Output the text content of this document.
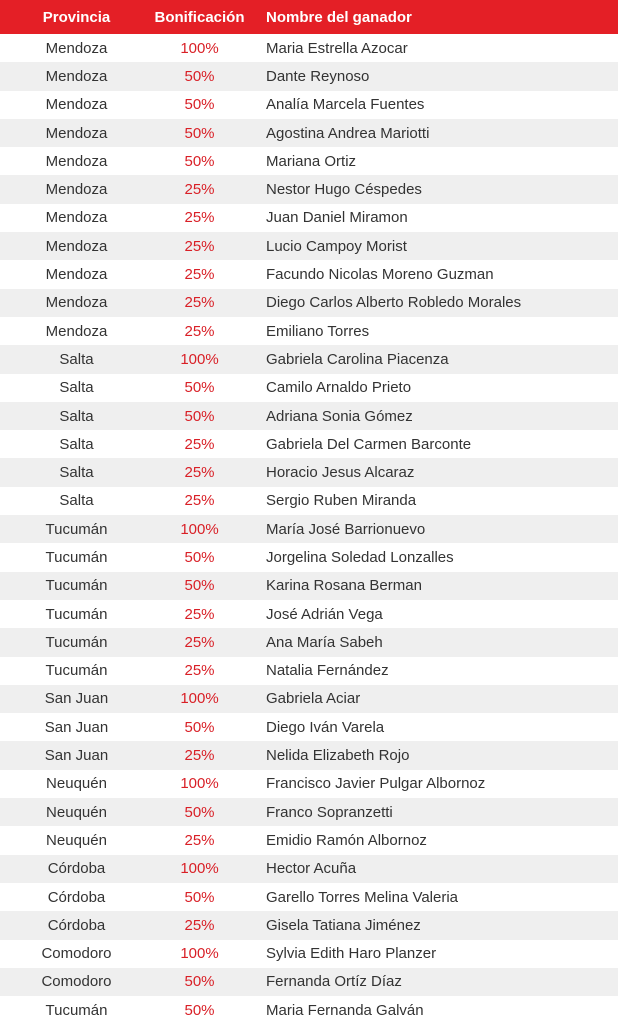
Provincia	Bonificación	Nombre del ganador
Mendoza	100%	Maria Estrella Azocar
Mendoza	50%	Dante Reynoso
Mendoza	50%	Analía Marcela Fuentes
Mendoza	50%	Agostina Andrea Mariotti
Mendoza	50%	Mariana Ortiz
Mendoza	25%	Nestor Hugo Céspedes
Mendoza	25%	Juan Daniel Miramon
Mendoza	25%	Lucio Campoy Morist
Mendoza	25%	Facundo Nicolas Moreno Guzman
Mendoza	25%	Diego Carlos Alberto Robledo Morales
Mendoza	25%	Emiliano Torres
Salta	100%	Gabriela Carolina Piacenza
Salta	50%	Camilo Arnaldo Prieto
Salta	50%	Adriana Sonia Gómez
Salta	25%	Gabriela Del Carmen Barconte
Salta	25%	Horacio Jesus Alcaraz
Salta	25%	Sergio Ruben Miranda
Tucumán	100%	María José Barrionuevo
Tucumán	50%	Jorgelina Soledad Lonzalles
Tucumán	50%	Karina Rosana Berman
Tucumán	25%	José Adrián Vega
Tucumán	25%	Ana María Sabeh
Tucumán	25%	Natalia Fernández
San Juan	100%	Gabriela Aciar
San Juan	50%	Diego Iván Varela
San Juan	25%	Nelida Elizabeth Rojo
Neuquén	100%	Francisco Javier Pulgar Albornoz
Neuquén	50%	Franco Sopranzetti
Neuquén	25%	Emidio Ramón Albornoz
Córdoba	100%	Hector Acuña
Córdoba	50%	Garello Torres Melina Valeria
Córdoba	25%	Gisela Tatiana Jiménez
Comodoro	100%	Sylvia Edith Haro Planzer
Comodoro	50%	Fernanda Ortíz Díaz
Tucumán	50%	Maria Fernanda Galván
